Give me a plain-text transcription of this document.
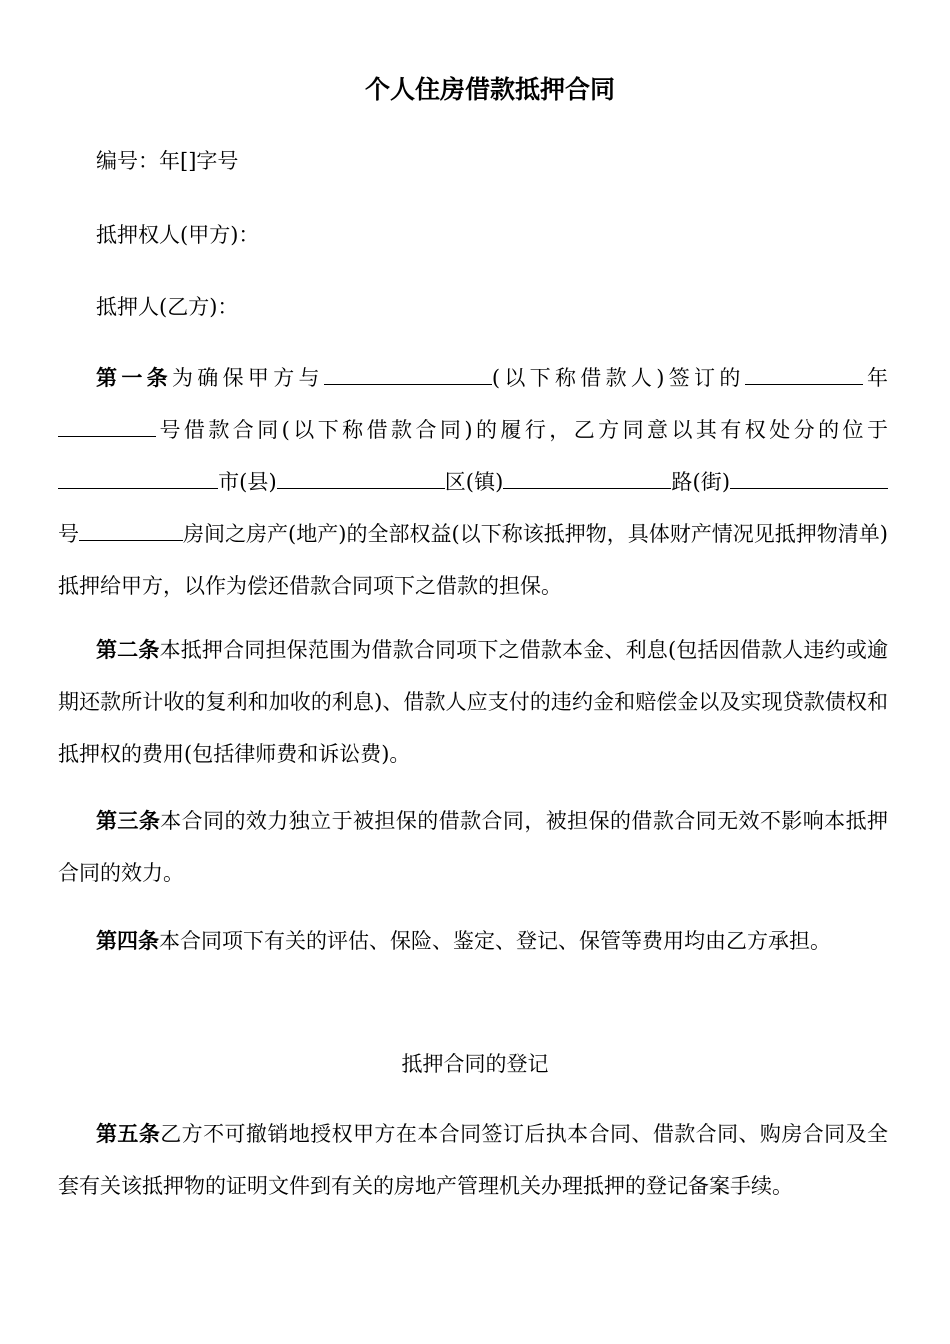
个人住房借款抵押合同

编号：年[]字号

抵押权人(甲方)：

抵押人(乙方)：

第一条为确保甲方与	(以下称借款人)签订的	年号借款合同(以下称借款合同)的履行，乙方同意以其有权处分的位于市(县)	区(镇)	路(街)号	房间之房产(地产)的全部权益(以下称该抵押物，具体财产情况见抵押物清单)抵押给甲方，以作为偿还借款合同项下之借款的担保。

第二条本抵押合同担保范围为借款合同项下之借款本金、利息(包括因借款人违约或逾期还款所计收的复利和加收的利息)、借款人应支付的违约金和赔偿金以及实现贷款债权和抵押权的费用(包括律师费和诉讼费)。

第三条本合同的效力独立于被担保的借款合同，被担保的借款合同无效不影响本抵押合同的效力。

第四条本合同项下有关的评估、保险、鉴定、登记、保管等费用均由乙方承担。

抵押合同的登记

第五条乙方不可撤销地授权甲方在本合同签订后执本合同、借款合同、购房合同及全套有关该抵押物的证明文件到有关的房地产管理机关办理抵押的登记备案手续。
